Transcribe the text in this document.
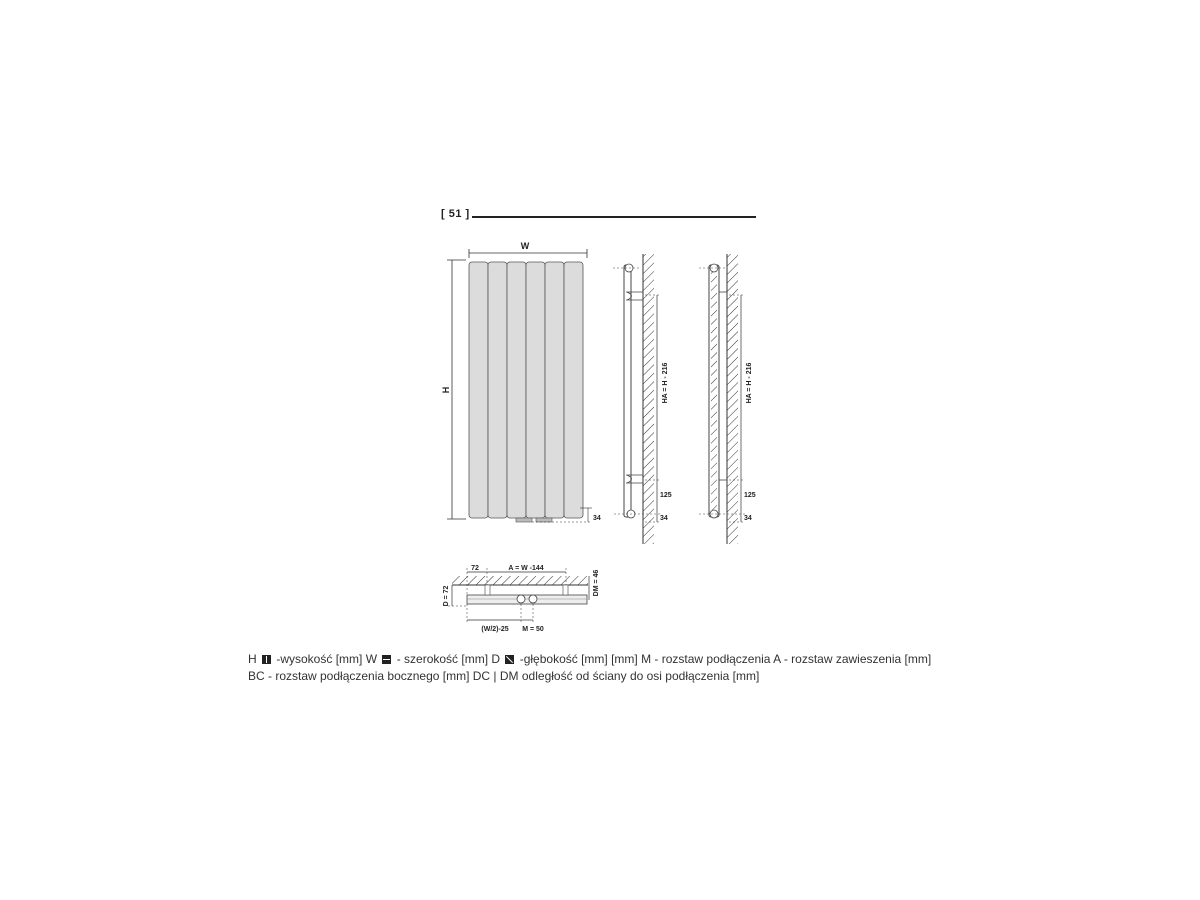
[ 51 ]
W
H
34
HA = H - 216
125
34
HA = H - 216
125
34
72	A = W -144
DM = 46
D = 72
(W/2)-25 M = 50
H  -wysokość [mm] W  - szerokość [mm] D  -głębokość [mm] [mm] M - rozstaw podłączenia A - rozstaw zawieszenia [mm]
BC - rozstaw podłączenia bocznego [mm] DC | DM odległość od ściany do osi podłączenia [mm]
